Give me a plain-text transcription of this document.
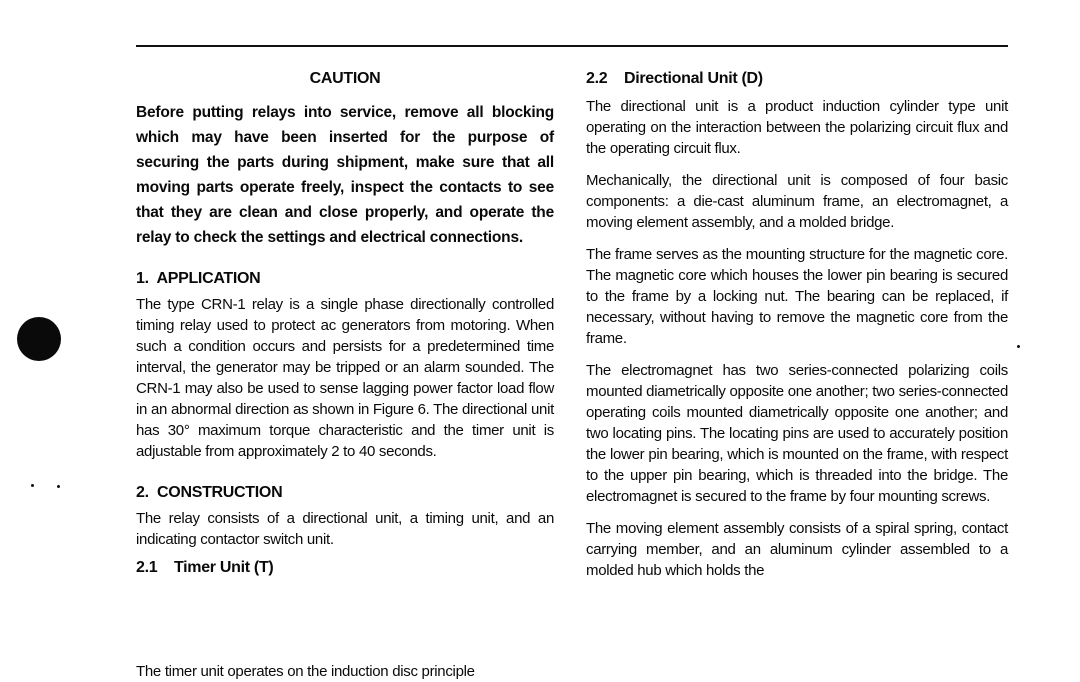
CAUTION

Before putting relays into service, remove all blocking which may have been inserted for the purpose of securing the parts during shipment, make sure that all moving parts operate freely, inspect the contacts to see that they are clean and close properly, and operate the relay to check the settings and electrical connections.

1. APPLICATION

The type CRN-1 relay is a single phase directionally controlled timing relay used to protect ac generators from motoring. When such a condition occurs and persists for a predetermined time interval, the generator may be tripped or an alarm sounded. The CRN-1 may also be used to sense lagging power factor load flow in an abnormal direction as shown in Figure 6. The directional unit has 30° maximum torque characteristic and the timer unit is adjustable from approximately 2 to 40 seconds.

2. CONSTRUCTION

The relay consists of a directional unit, a timing unit, and an indicating contactor switch unit.

2.1 Timer Unit (T)
The timer unit operates on the induction disc principle
2.2 Directional Unit (D)

The directional unit is a product induction cylinder type unit operating on the interaction between the polarizing circuit flux and the operating circuit flux.

Mechanically, the directional unit is composed of four basic components: a die-cast aluminum frame, an electromagnet, a moving element assembly, and a molded bridge.

The frame serves as the mounting structure for the magnetic core. The magnetic core which houses the lower pin bearing is secured to the frame by a locking nut. The bearing can be replaced, if necessary, without having to remove the magnetic core from the frame.

The electromagnet has two series-connected polarizing coils mounted diametrically opposite one another; two series-connected operating coils mounted diametrically opposite one another; and two locating pins. The locating pins are used to accurately position the lower pin bearing, which is mounted on the frame, with respect to the upper pin bearing, which is threaded into the bridge. The electromagnet is secured to the frame by four mounting screws.

The moving element assembly consists of a spiral spring, contact carrying member, and an aluminum cylinder assembled to a molded hub which holds the
